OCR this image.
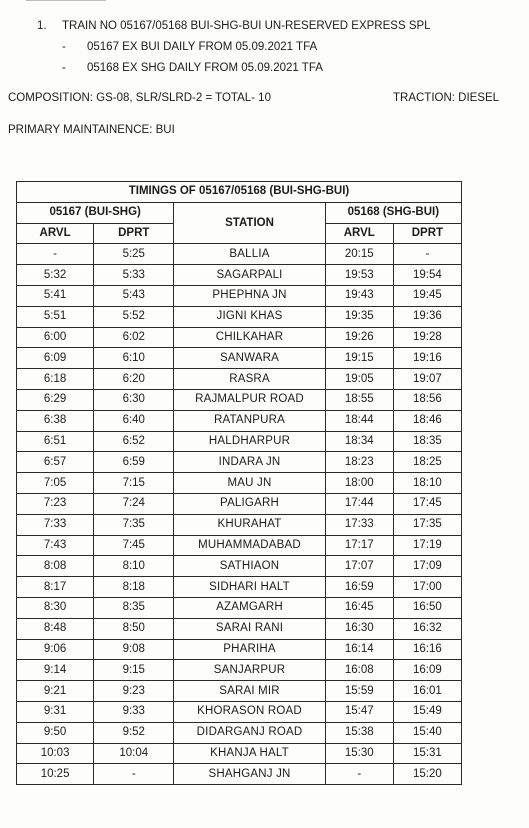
1. TRAIN NO 05167/05168 BUI-SHG-BUI UN-RESERVED EXPRESS SPL
- 05167 EX BUI DAILY FROM 05.09.2021 TFA
- 05168 EX SHG DAILY FROM 05.09.2021 TFA
COMPOSITION: GS-08, SLR/SLRD-2 = TOTAL- 10	TRACTION: DIESEL
PRIMARY MAINTAINENCE: BUI
TIMINGS OF 05167/05168 (BUI-SHG-BUI)				
05167 (BUI-SHG)		STATION	05168 (SHG-BUI)	
ARVL	DPRT		ARVL	DPRT
-	5:25	BALLIA	20:15	-
5:32	5:33	SAGARPALI	19:53	19:54
5:41	5:43	PHEPHNA JN	19:43	19:45
5:51	5:52	JIGNI KHAS	19:35	19:36
6:00	6:02	CHILKAHAR	19:26	19:28
6:09	6:10	SANWARA	19:15	19:16
6:18	6:20	RASRA	19:05	19:07
6:29	6:30	RAJMALPUR ROAD	18:55	18:56
6:38	6:40	RATANPURA	18:44	18:46
6:51	6:52	HALDHARPUR	18:34	18:35
6:57	6:59	INDARA JN	18:23	18:25
7:05	7:15	MAU JN	18:00	18:10
7:23	7:24	PALIGARH	17:44	17:45
7:33	7:35	KHURAHAT	17:33	17:35
7:43	7:45	MUHAMMADABAD	17:17	17:19
8:08	8:10	SATHIAON	17:07	17:09
8:17	8:18	SIDHARI HALT	16:59	17:00
8:30	8:35	AZAMGARH	16:45	16:50
8:48	8:50	SARAI RANI	16:30	16:32
9:06	9:08	PHARIHA	16:14	16:16
9:14	9:15	SANJARPUR	16:08	16:09
9:21	9:23	SARAI MIR	15:59	16:01
9:31	9:33	KHORASON ROAD	15:47	15:49
9:50	9:52	DIDARGANJ ROAD	15:38	15:40
10:03	10:04	KHANJA HALT	15:30	15:31
10:25	-	SHAHGANJ JN	-	15:20
